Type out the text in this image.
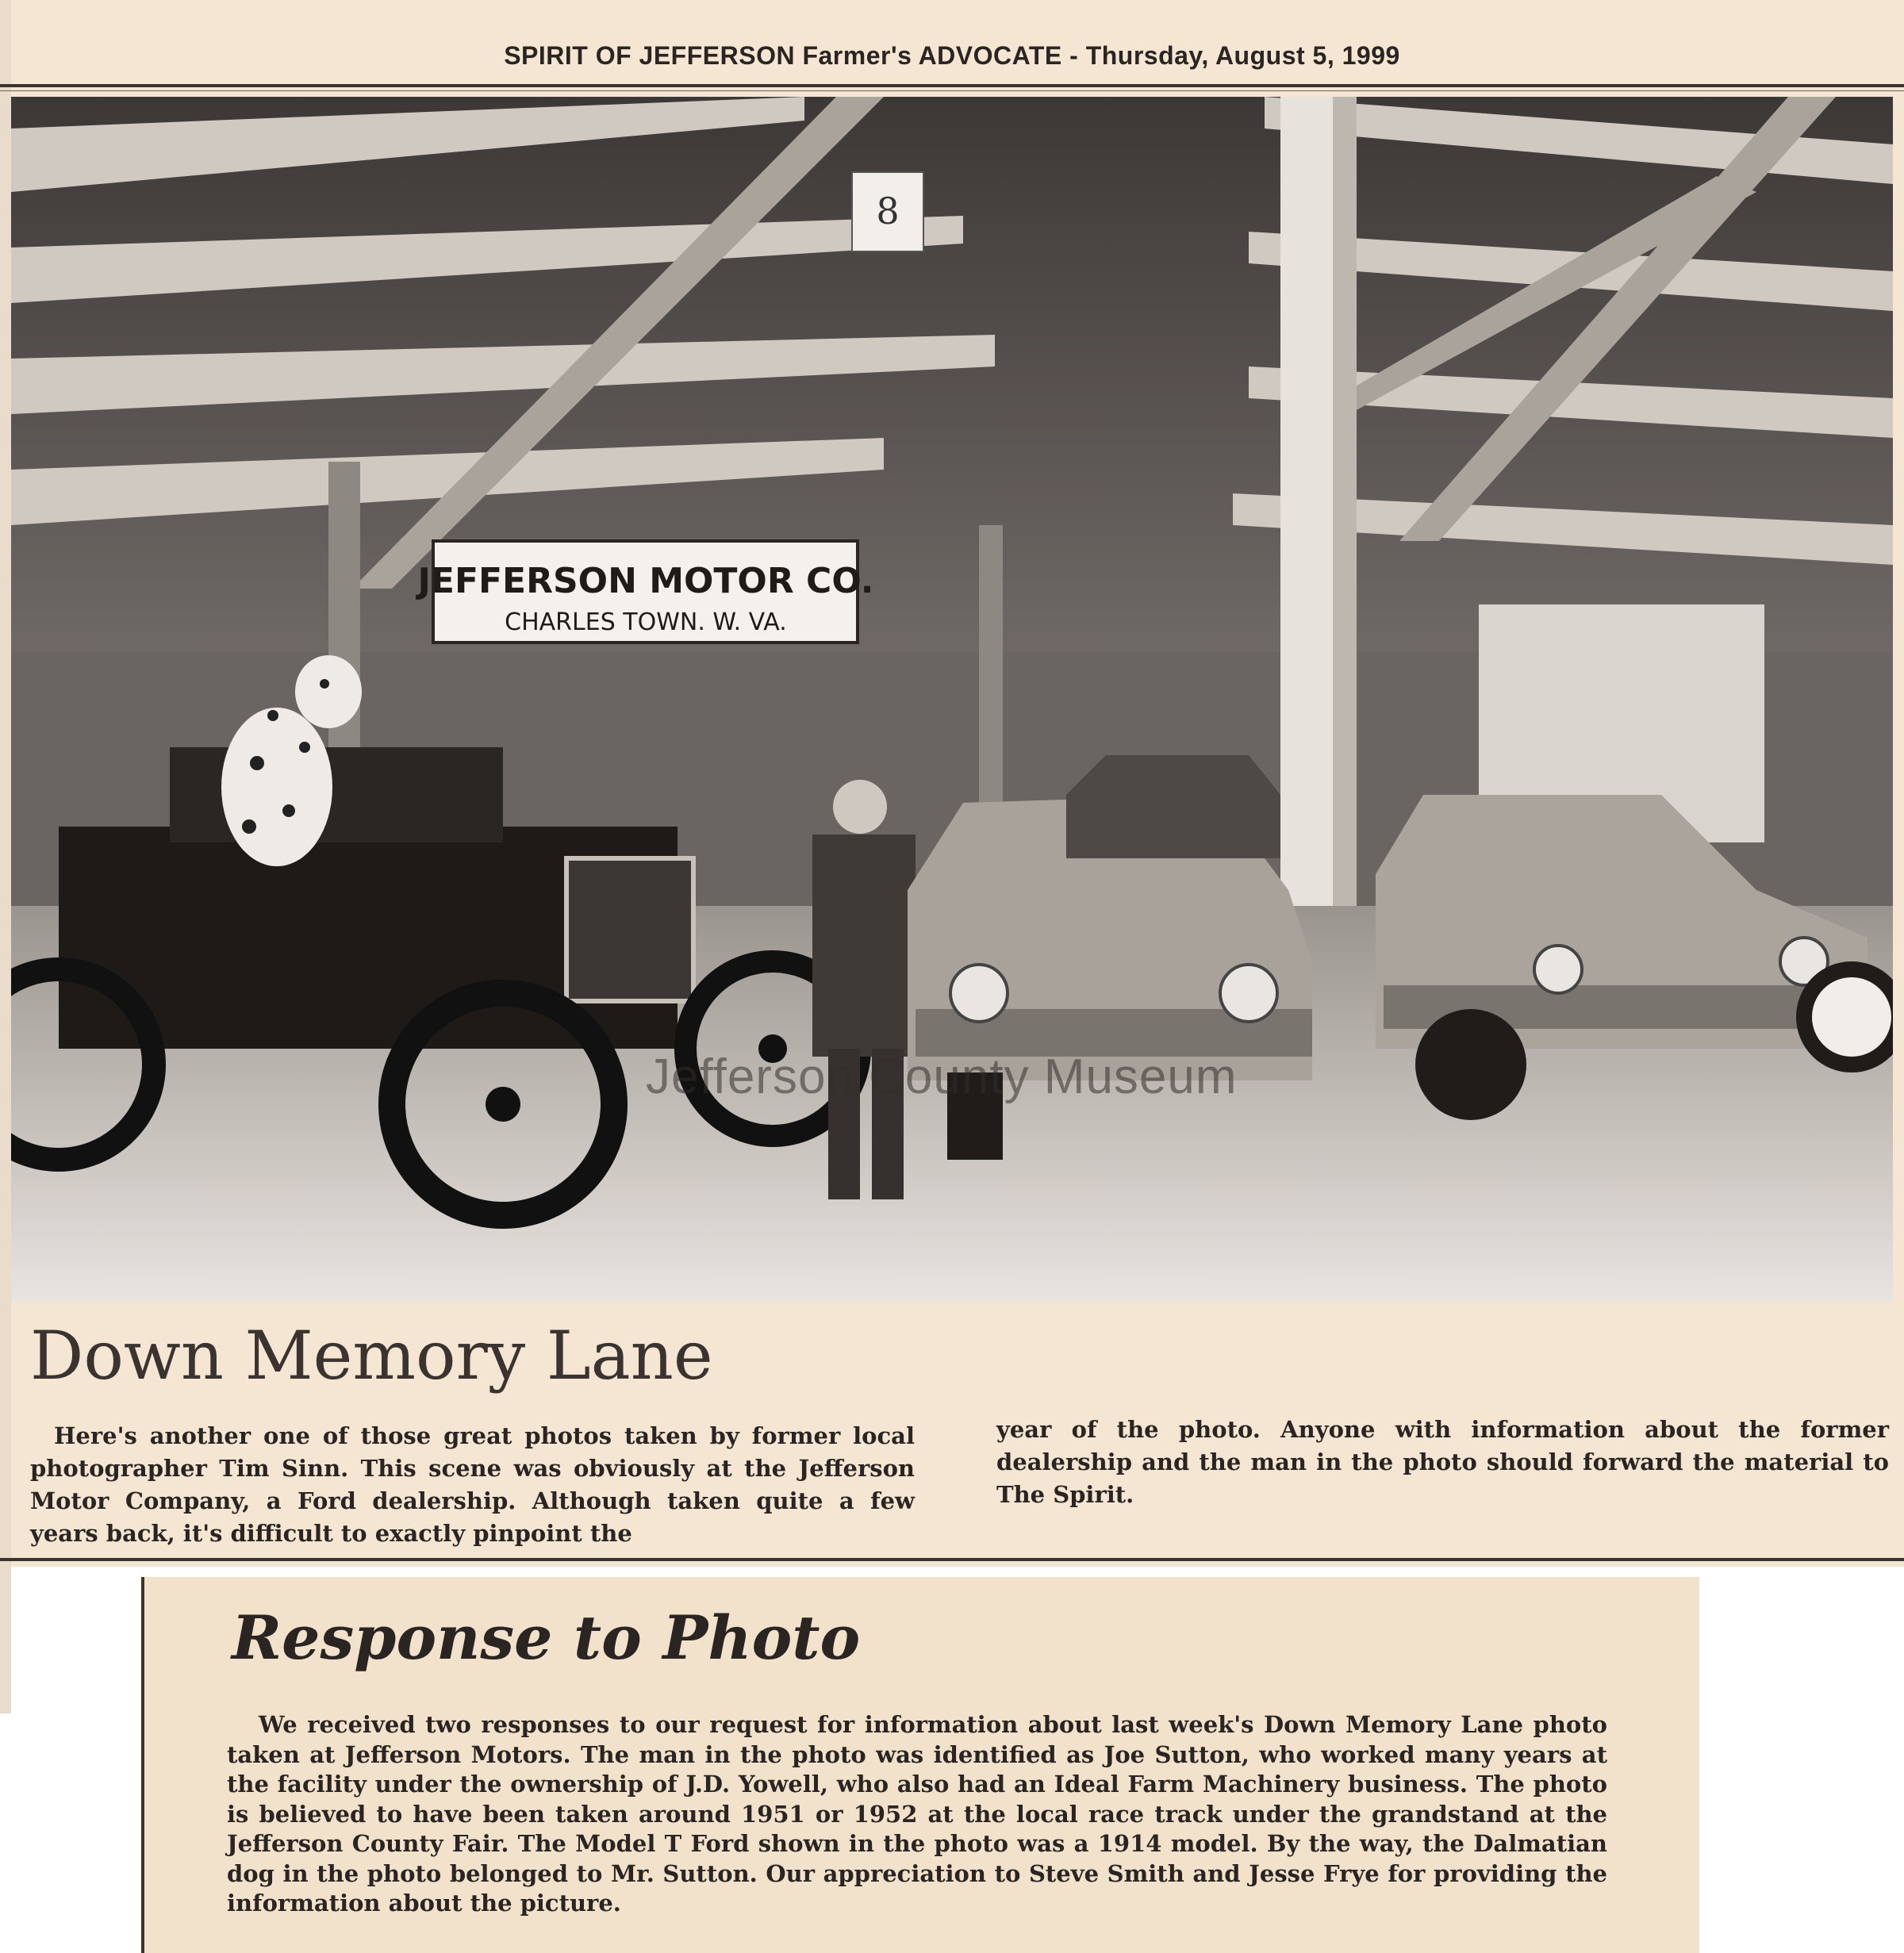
SPIRIT OF JEFFERSON Farmer's ADVOCATE - Thursday, August 5, 1999
8
JEFFERSON MOTOR CO.
CHARLES TOWN. W. VA.
Jefferson County Museum
Down Memory Lane

Here's another one of those great photos taken by former local photographer Tim Sinn. This scene was obviously at the Jefferson Motor Company, a Ford dealership. Although taken quite a few years back, it's difficult to exactly pinpoint the

year of the photo. Anyone with information about the former dealership and the man in the photo should forward the material to The Spirit.

Response to Photo

We received two responses to our request for information about last week's Down Memory Lane photo taken at Jefferson Motors. The man in the photo was identified as Joe Sutton, who worked many years at the facility under the ownership of J.D. Yowell, who also had an Ideal Farm Machinery business. The photo is believed to have been taken around 1951 or 1952 at the local race track under the grandstand at the Jefferson County Fair. The Model T Ford shown in the photo was a 1914 model. By the way, the Dalmatian dog in the photo belonged to Mr. Sutton. Our appreciation to Steve Smith and Jesse Frye for providing the information about the picture.
